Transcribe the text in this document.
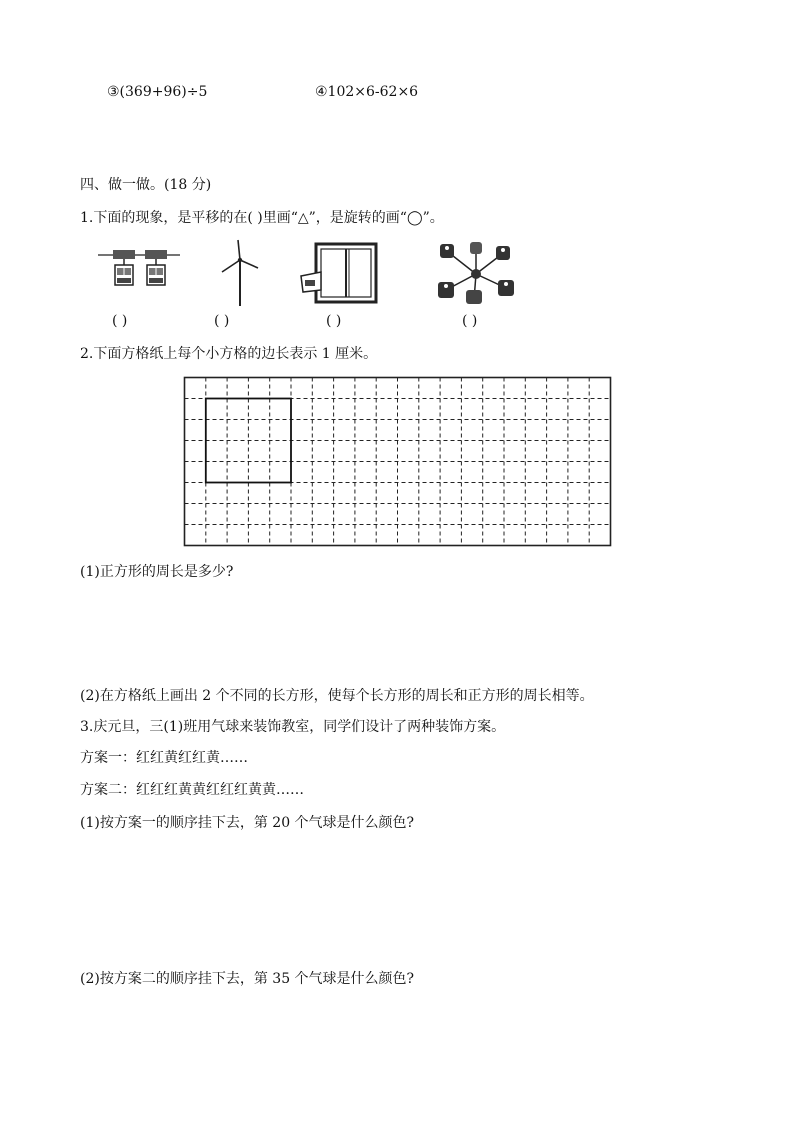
③(369+96)÷5	④102×6-62×6
四、做一做。(18 分)
1.下面的现象，是平移的在( )里画“△”，是旋转的画“◯”。
( )	( )	( )	( )
2.下面方格纸上每个小方格的边长表示 1 厘米。
(1)正方形的周长是多少?
(2)在方格纸上画出 2 个不同的长方形，使每个长方形的周长和正方形的周长相等。
3.庆元旦，三(1)班用气球来装饰教室，同学们设计了两种装饰方案。
方案一：红红黄红红黄……
方案二：红红红黄黄红红红黄黄……
(1)按方案一的顺序挂下去，第 20 个气球是什么颜色?
(2)按方案二的顺序挂下去，第 35 个气球是什么颜色?
